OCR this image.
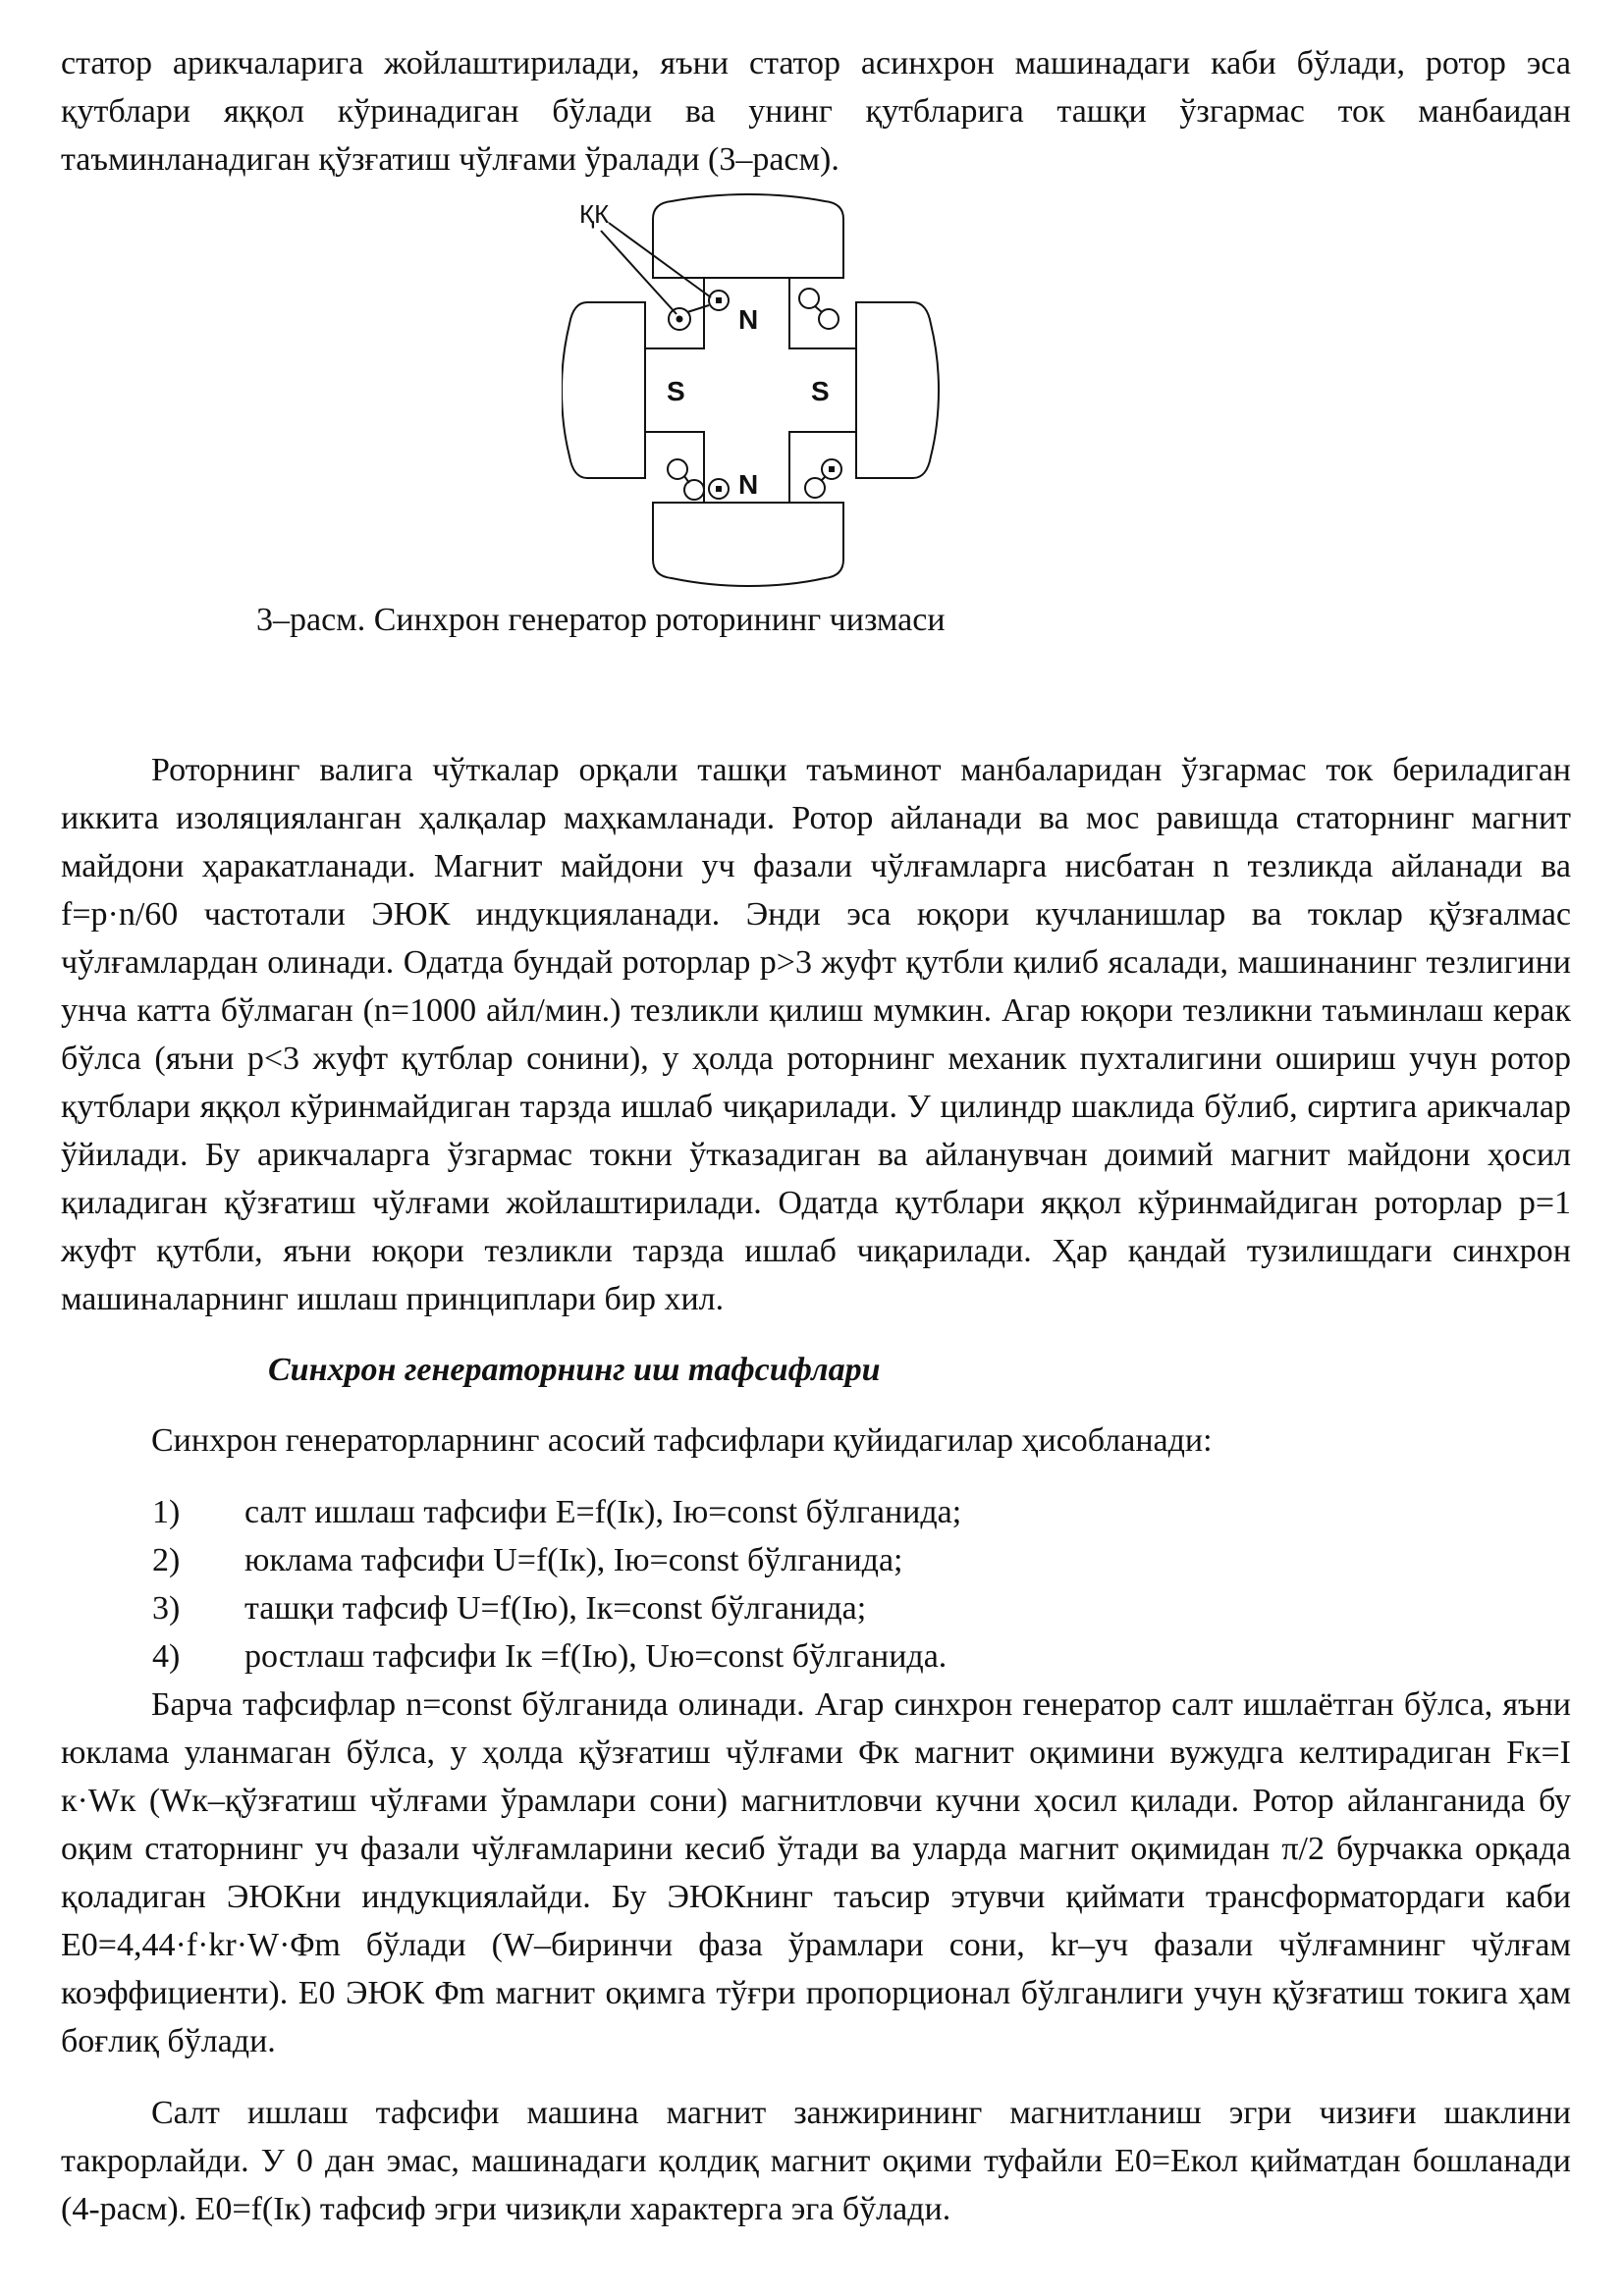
статор арикчаларига жойлаштирилади, яъни статор асинхрон машинадаги каби бўлади, ротор эса қутблари яққол кўринадиган бўлади ва унинг қутбларига ташқи ўзгармас ток манбаидан таъминланадиган қўзғатиш чўлғами ўралади (3–расм).

ҚК
N
S	S
N

3–расм. Синхрон генератор роторининг чизмаси

Роторнинг валига чўткалар орқали ташқи таъминот манбаларидан ўзгармас ток бериладиган иккита изоляцияланган ҳалқалар маҳкамланади. Ротор айланади ва мос равишда статорнинг магнит майдони ҳаракатланади. Магнит майдони уч фазали чўлғамларга нисбатан n тезликда айланади ва f=p·n/60 частотали ЭЮК индукцияланади. Энди эса юқори кучланишлар ва токлар қўзғалмас чўлғамлардан олинади. Одатда бундай роторлар p>3 жуфт қутбли қилиб ясалади, машинанинг тезлигини унча катта бўлмаган (n=1000 айл/мин.) тезликли қилиш мумкин. Агар юқори тезликни таъминлаш керак бўлса (яъни p<3 жуфт қутблар сонини), у ҳолда роторнинг механик пухталигини ошириш учун ротор қутблари яққол кўринмайдиган тарзда ишлаб чиқарилади. У цилиндр шаклида бўлиб, сиртига арикчалар ўйилади. Бу арикчаларга ўзгармас токни ўтказадиган ва айланувчан доимий магнит майдони ҳосил қиладиган қўзғатиш чўлғами жойлаштирилади. Одатда қутблари яққол кўринмайдиган роторлар p=1 жуфт қутбли, яъни юқори тезликли тарзда ишлаб чиқарилади. Ҳар қандай тузилишдаги синхрон машиналарнинг ишлаш принциплари бир хил.

Синхрон генераторнинг иш тафсифлари

Синхрон генераторларнинг асосий тафсифлари қуйидагилар ҳисобланади:

1)	салт ишлаш тафсифи E=f(Iк), Iю=const бўлганида;
2)	юклама тафсифи U=f(Iк), Iю=const бўлганида;
3)	ташқи тафсиф U=f(Iю), Iк=const бўлганида;
4)	ростлаш тафсифи Iк =f(Iю), Uю=const бўлганида.

Барча тафсифлар n=const бўлганида олинади. Агар синхрон генератор салт ишлаётган бўлса, яъни юклама уланмаган бўлса, у ҳолда қўзғатиш чўлғами Φк магнит оқимини вужудга келтирадиган Fк=I к·Wк (Wк–қўзғатиш чўлғами ўрамлари сони) магнитловчи кучни ҳосил қилади. Ротор айланганида бу оқим статорнинг уч фазали чўлғамларини кесиб ўтади ва уларда магнит оқимидан π/2 бурчакка орқада қоладиган ЭЮКни индукциялайди. Бу ЭЮКнинг таъсир этувчи қиймати трансформатордаги каби E0=4,44·f·kr·W·Φm бўлади (W–биринчи фаза ўрамлари сони, kr–уч фазали чўлғамнинг чўлғам коэффициенти). E0 ЭЮК Φm магнит оқимга тўғри пропорционал бўлганлиги учун қўзғатиш токига ҳам боғлиқ бўлади.

Салт ишлаш тафсифи машина магнит занжирининг магнитланиш эгри чизиғи шаклини такрорлайди. У 0 дан эмас, машинадаги қолдиқ магнит оқими туфайли E0=Eкол қийматдан бошланади (4-расм). E0=f(Iк) тафсиф эгри чизиқли характерга эга бўлади.
